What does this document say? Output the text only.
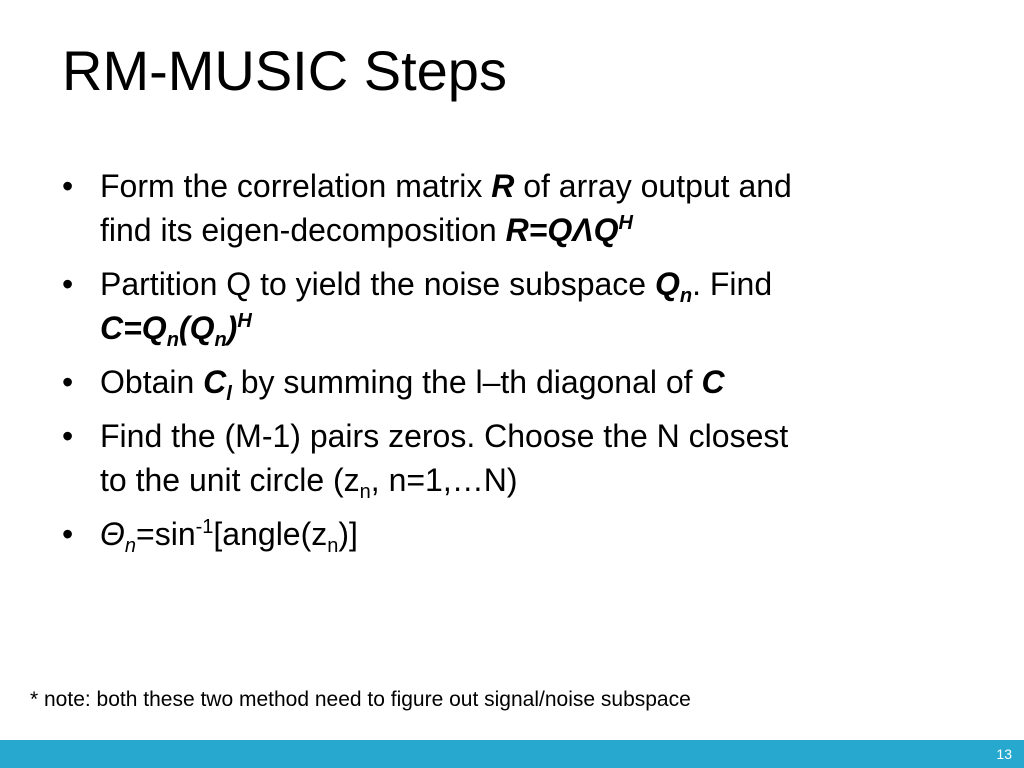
RM-MUSIC Steps
• Form the correlation matrix R of array output and
find its eigen-decomposition $R=Q\Lambda Q^H$
• Partition Q to yield the noise subspace $Q_n$. Find
$C=Q_n(Q_n)^H$
• Obtain $C_l$ by summing the l–th diagonal of C
• Find the (M-1) pairs zeros. Choose the N closest
to the unit circle ($z_n$, n=1,…N)
• $\Theta_n=\sin^{-1}[angle(z_n)]$
* note: both these two method need to figure out signal/noise subspace
13
